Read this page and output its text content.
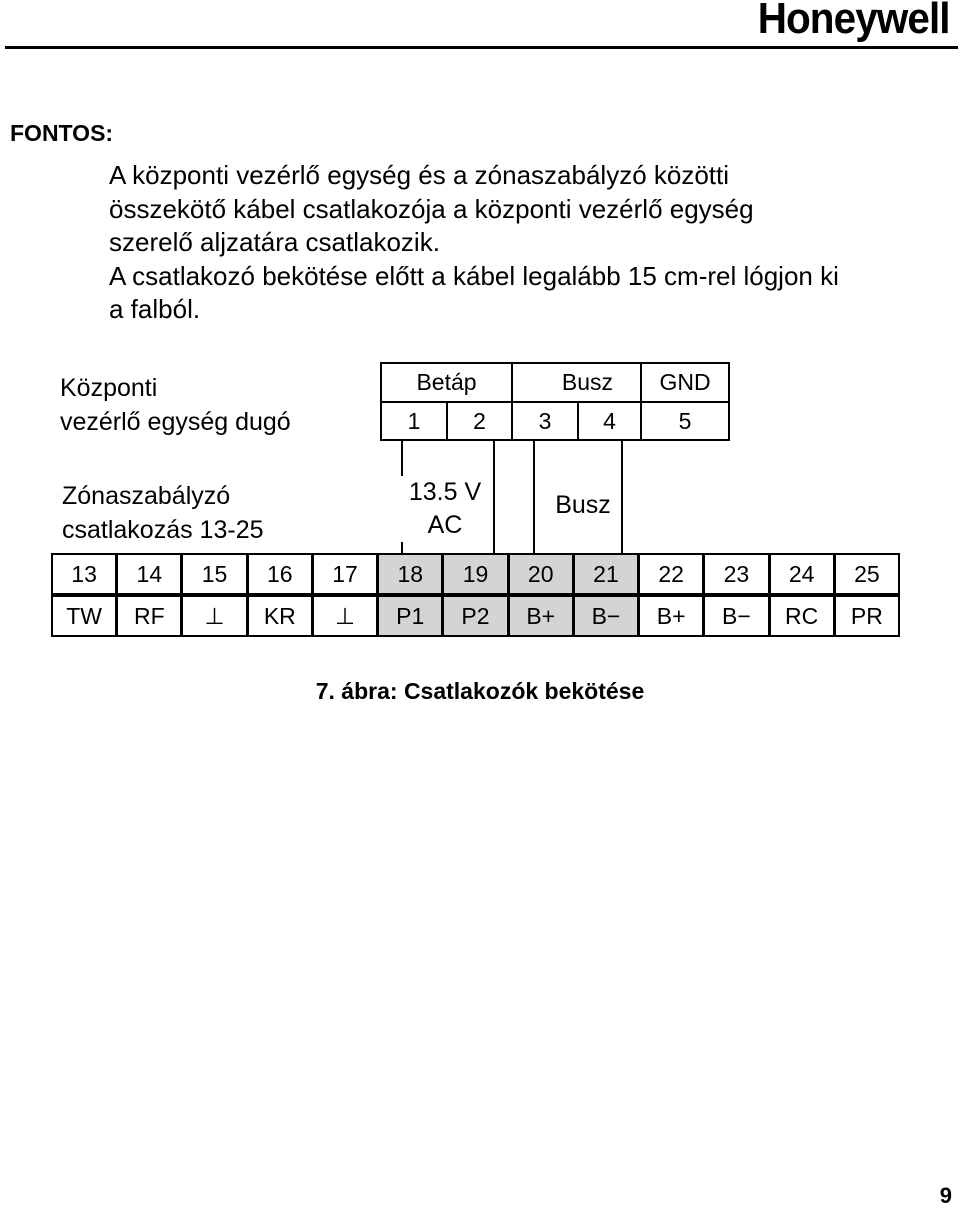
Honeywell
FONTOS:

A központi vezérlő egység és a zónaszabályzó közötti
összekötő kábel csatlakozója a központi vezérlő egység
szerelő aljzatára csatlakozik.
A csatlakozó bekötése előtt a kábel legalább 15 cm-rel lógjon ki
a falból.

Központi
vezérlő egység dugó
Betáp	Busz	GND
1	2	3	4	5
Zónaszabályzó
csatlakozás 13-25
13.5 V
AC
Busz
13	14	15	16	17	18	19	20	21	22	23	24	25
TW	RF	⊥	KR	⊥	P1	P2	B+	B−	B+	B−	RC	PR
7. ábra: Csatlakozók bekötése
9
